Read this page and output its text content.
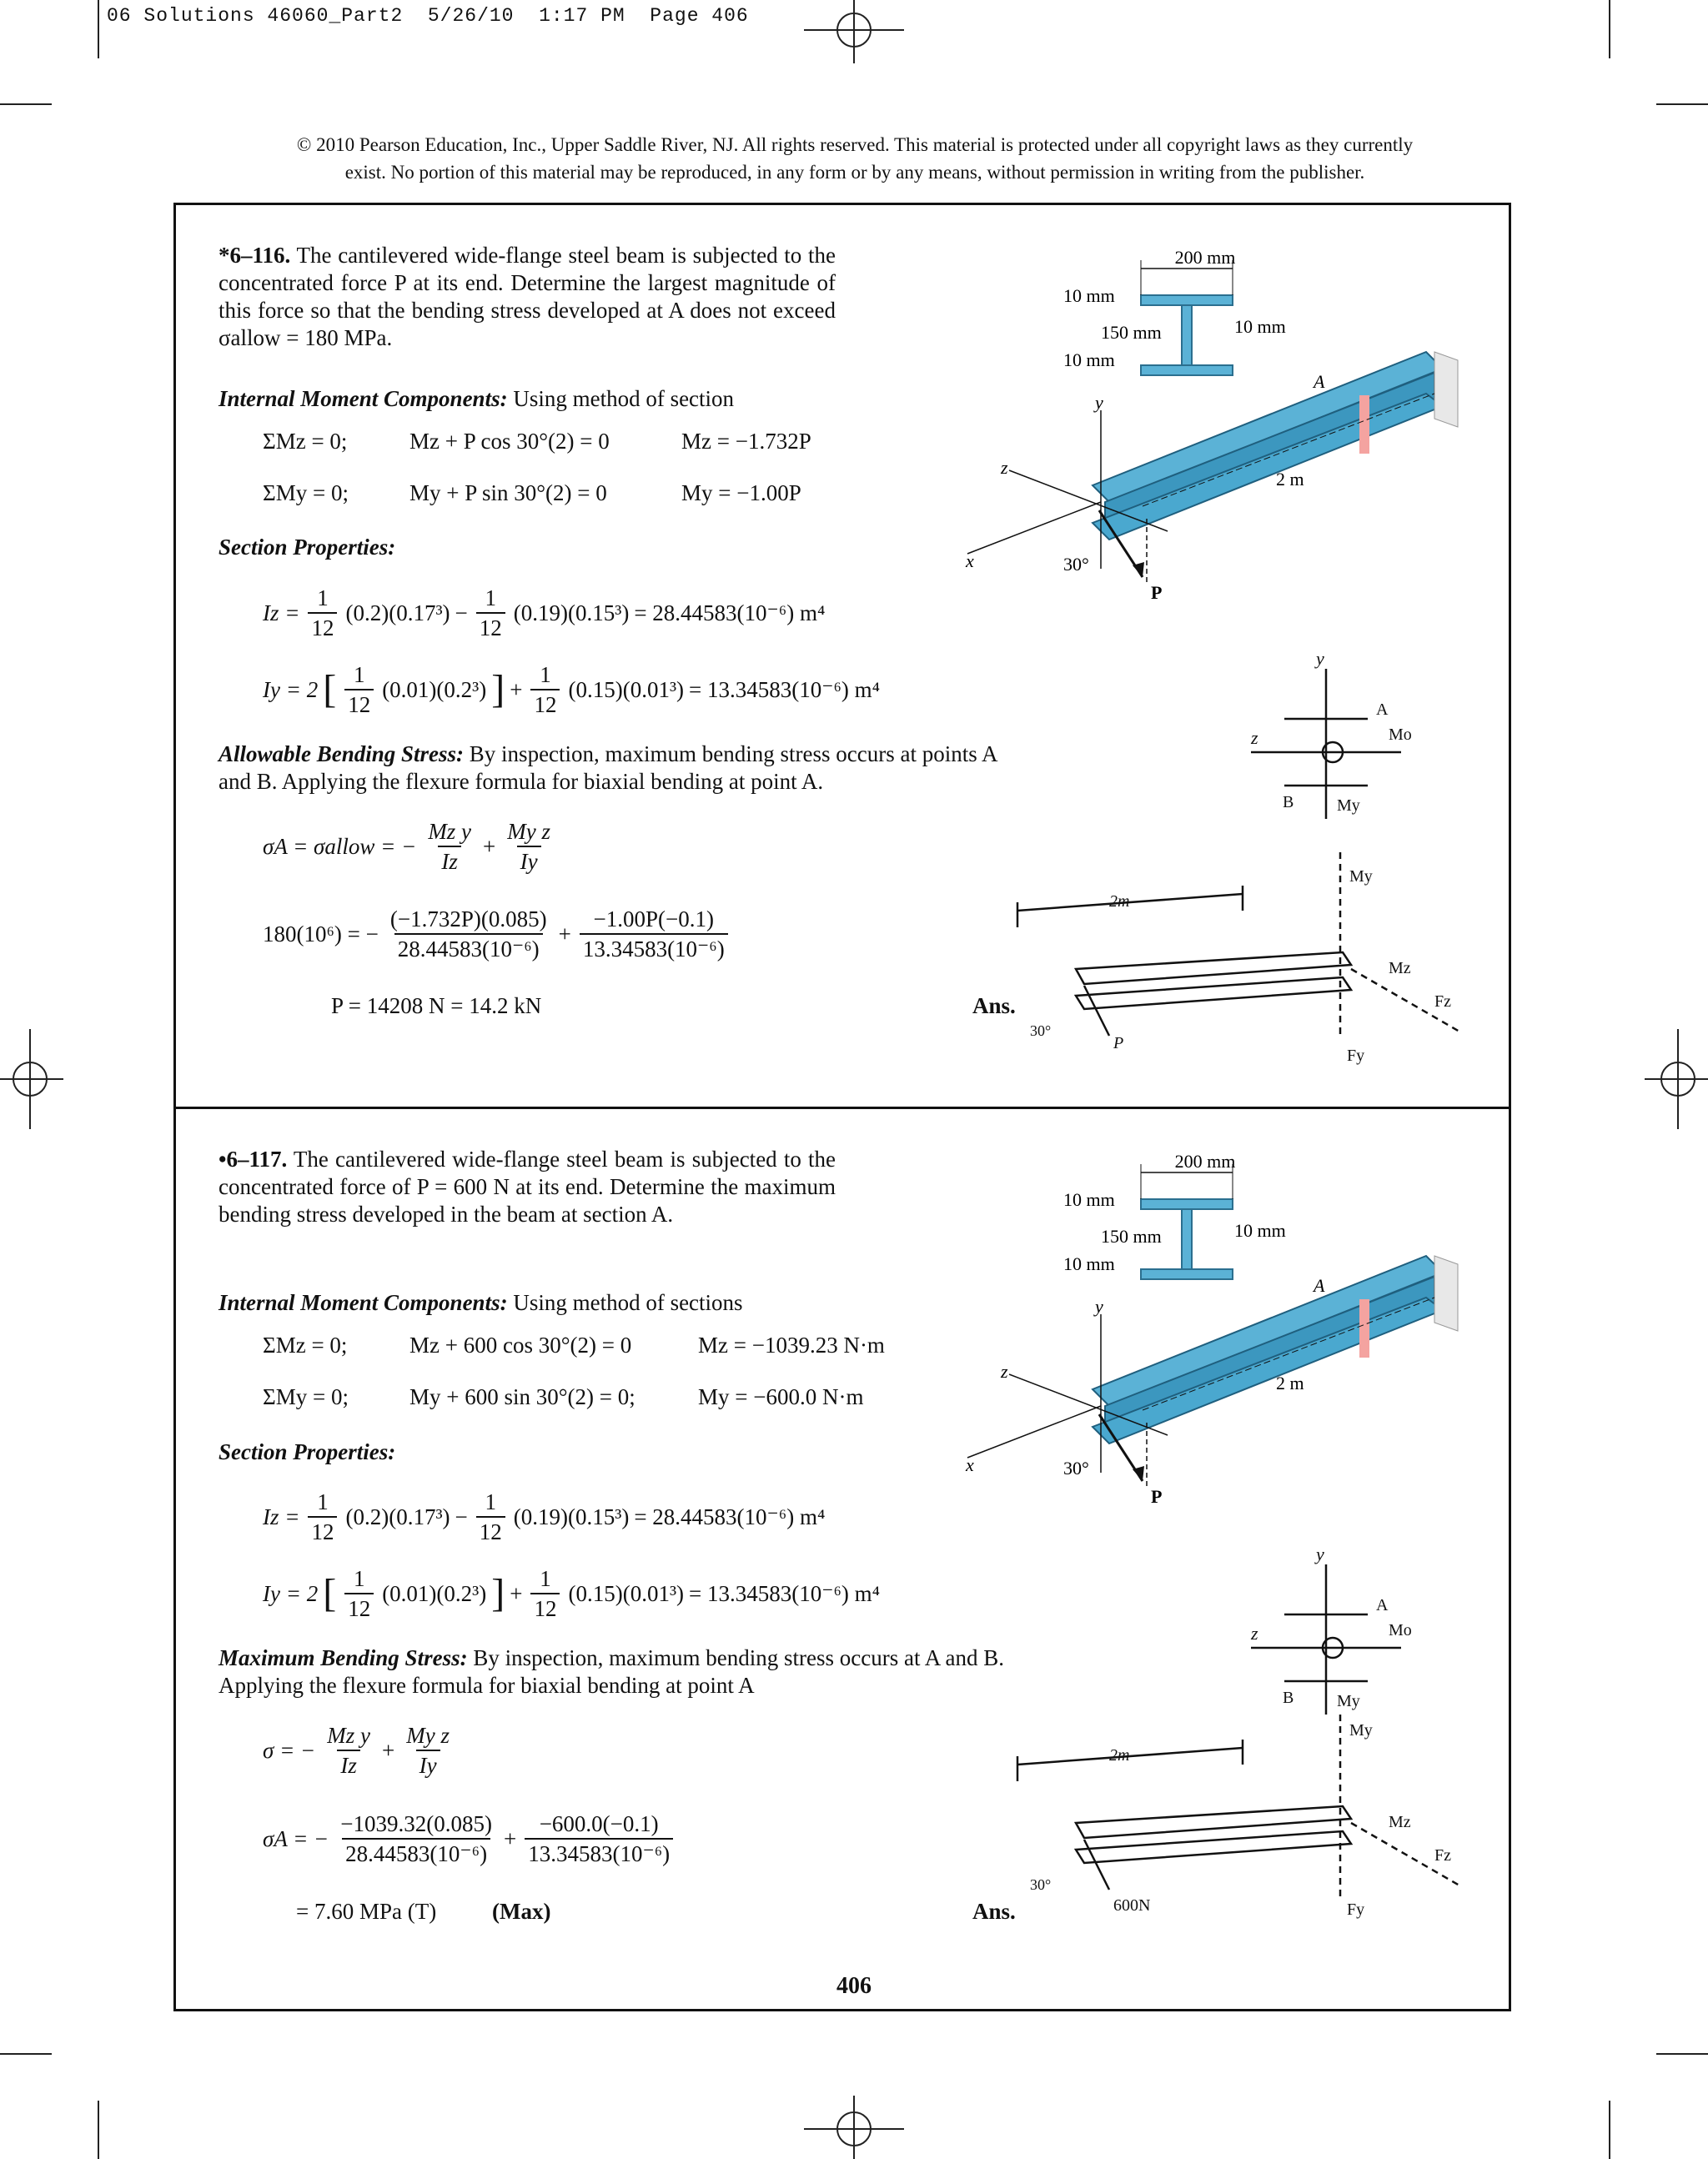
06 Solutions 46060_Part2  5/26/10  1:17 PM  Page 406
© 2010 Pearson Education, Inc., Upper Saddle River, NJ. All rights reserved. This material is protected under all copyright laws as they currently
exist. No portion of this material may be reproduced, in any form or by any means, without permission in writing from the publisher.
*6–116. The cantilevered wide-flange steel beam is subjected to the concentrated force P at its end. Determine the largest magnitude of this force so that the bending stress developed at A does not exceed σallow = 180 MPa.
Internal Moment Components: Using method of section
ΣMz = 0;	Mz + P cos 30°(2) = 0	Mz = −1.732P
ΣMy = 0;	My + P sin 30°(2) = 0	My = −1.00P
Section Properties:
$Iz = \frac{1}{12} (0.2)(0.17^3) - \frac{1}{12} (0.19)(0.15^3) = 28.44583(10^{-6})$ m⁴
Iy = 2 [ $\frac{1}{12} (0.01)(0.2^3)$ ] + $\frac{1}{12} (0.15)(0.01^3) = 13.34583(10^{-6})$ m⁴
Allowable Bending Stress: By inspection, maximum bending stress occurs at points A and B. Applying the flexure formula for biaxial bending at point A.
σA = σallow = − $\frac{\text{Mz y}}{Iz} + \frac{\text{My z}}{Iy}$
180(10⁶) = − $\frac{(-1.732P)(0.085)}{\text{28.44583(10⁻⁶)}} + \frac{-1.00P(-0.1)}{\text{13.34583(10⁻⁶)}}$
P = 14208 N = 14.2 kN	Ans.
•6–117. The cantilevered wide-flange steel beam is subjected to the concentrated force of P = 600 N at its end. Determine the maximum bending stress developed in the beam at section A.
Internal Moment Components: Using method of sections
ΣMz = 0;	Mz + 600 cos 30°(2) = 0	Mz = −1039.23 N·m
ΣMy = 0;	My + 600 sin 30°(2) = 0;	My = −600.0 N·m
Section Properties:
$Iz = \frac{1}{12} (0.2)(0.17^3) - \frac{1}{12} (0.19)(0.15^3) = 28.44583(10^{-6})$ m⁴
Iy = 2 [ $\frac{1}{12} (0.01)(0.2^3)$ ] + $\frac{1}{12} (0.15)(0.01^3) = 13.34583(10^{-6})$ m⁴
Maximum Bending Stress: By inspection, maximum bending stress occurs at A and B. Applying the flexure formula for biaxial bending at point A
σ = − $\frac{\text{Mz y}}{Iz} + \frac{\text{My z}}{Iy}$
σA = − $\frac{-1039.32(0.085)}{\text{28.44583(10⁻⁶)}} + \frac{-600.0(-0.1)}{\text{13.34583(10⁻⁶)}}$
= 7.60 MPa (T) (Max)	Ans.
200 mm
10 mm
150 mm
10 mm
10 mm
A
y
z
x
2 m
30°
P
z
y
A
Mo
B	My
2m
30°
P
My
Mz
Fz
Fy
200 mm
10 mm
150 mm
10 mm
10 mm
A
y
z
x
2 m
30°
P
z
y
A
Mo
B	My
2m
30°
600N
My
Mz
Fz
Fy
406
